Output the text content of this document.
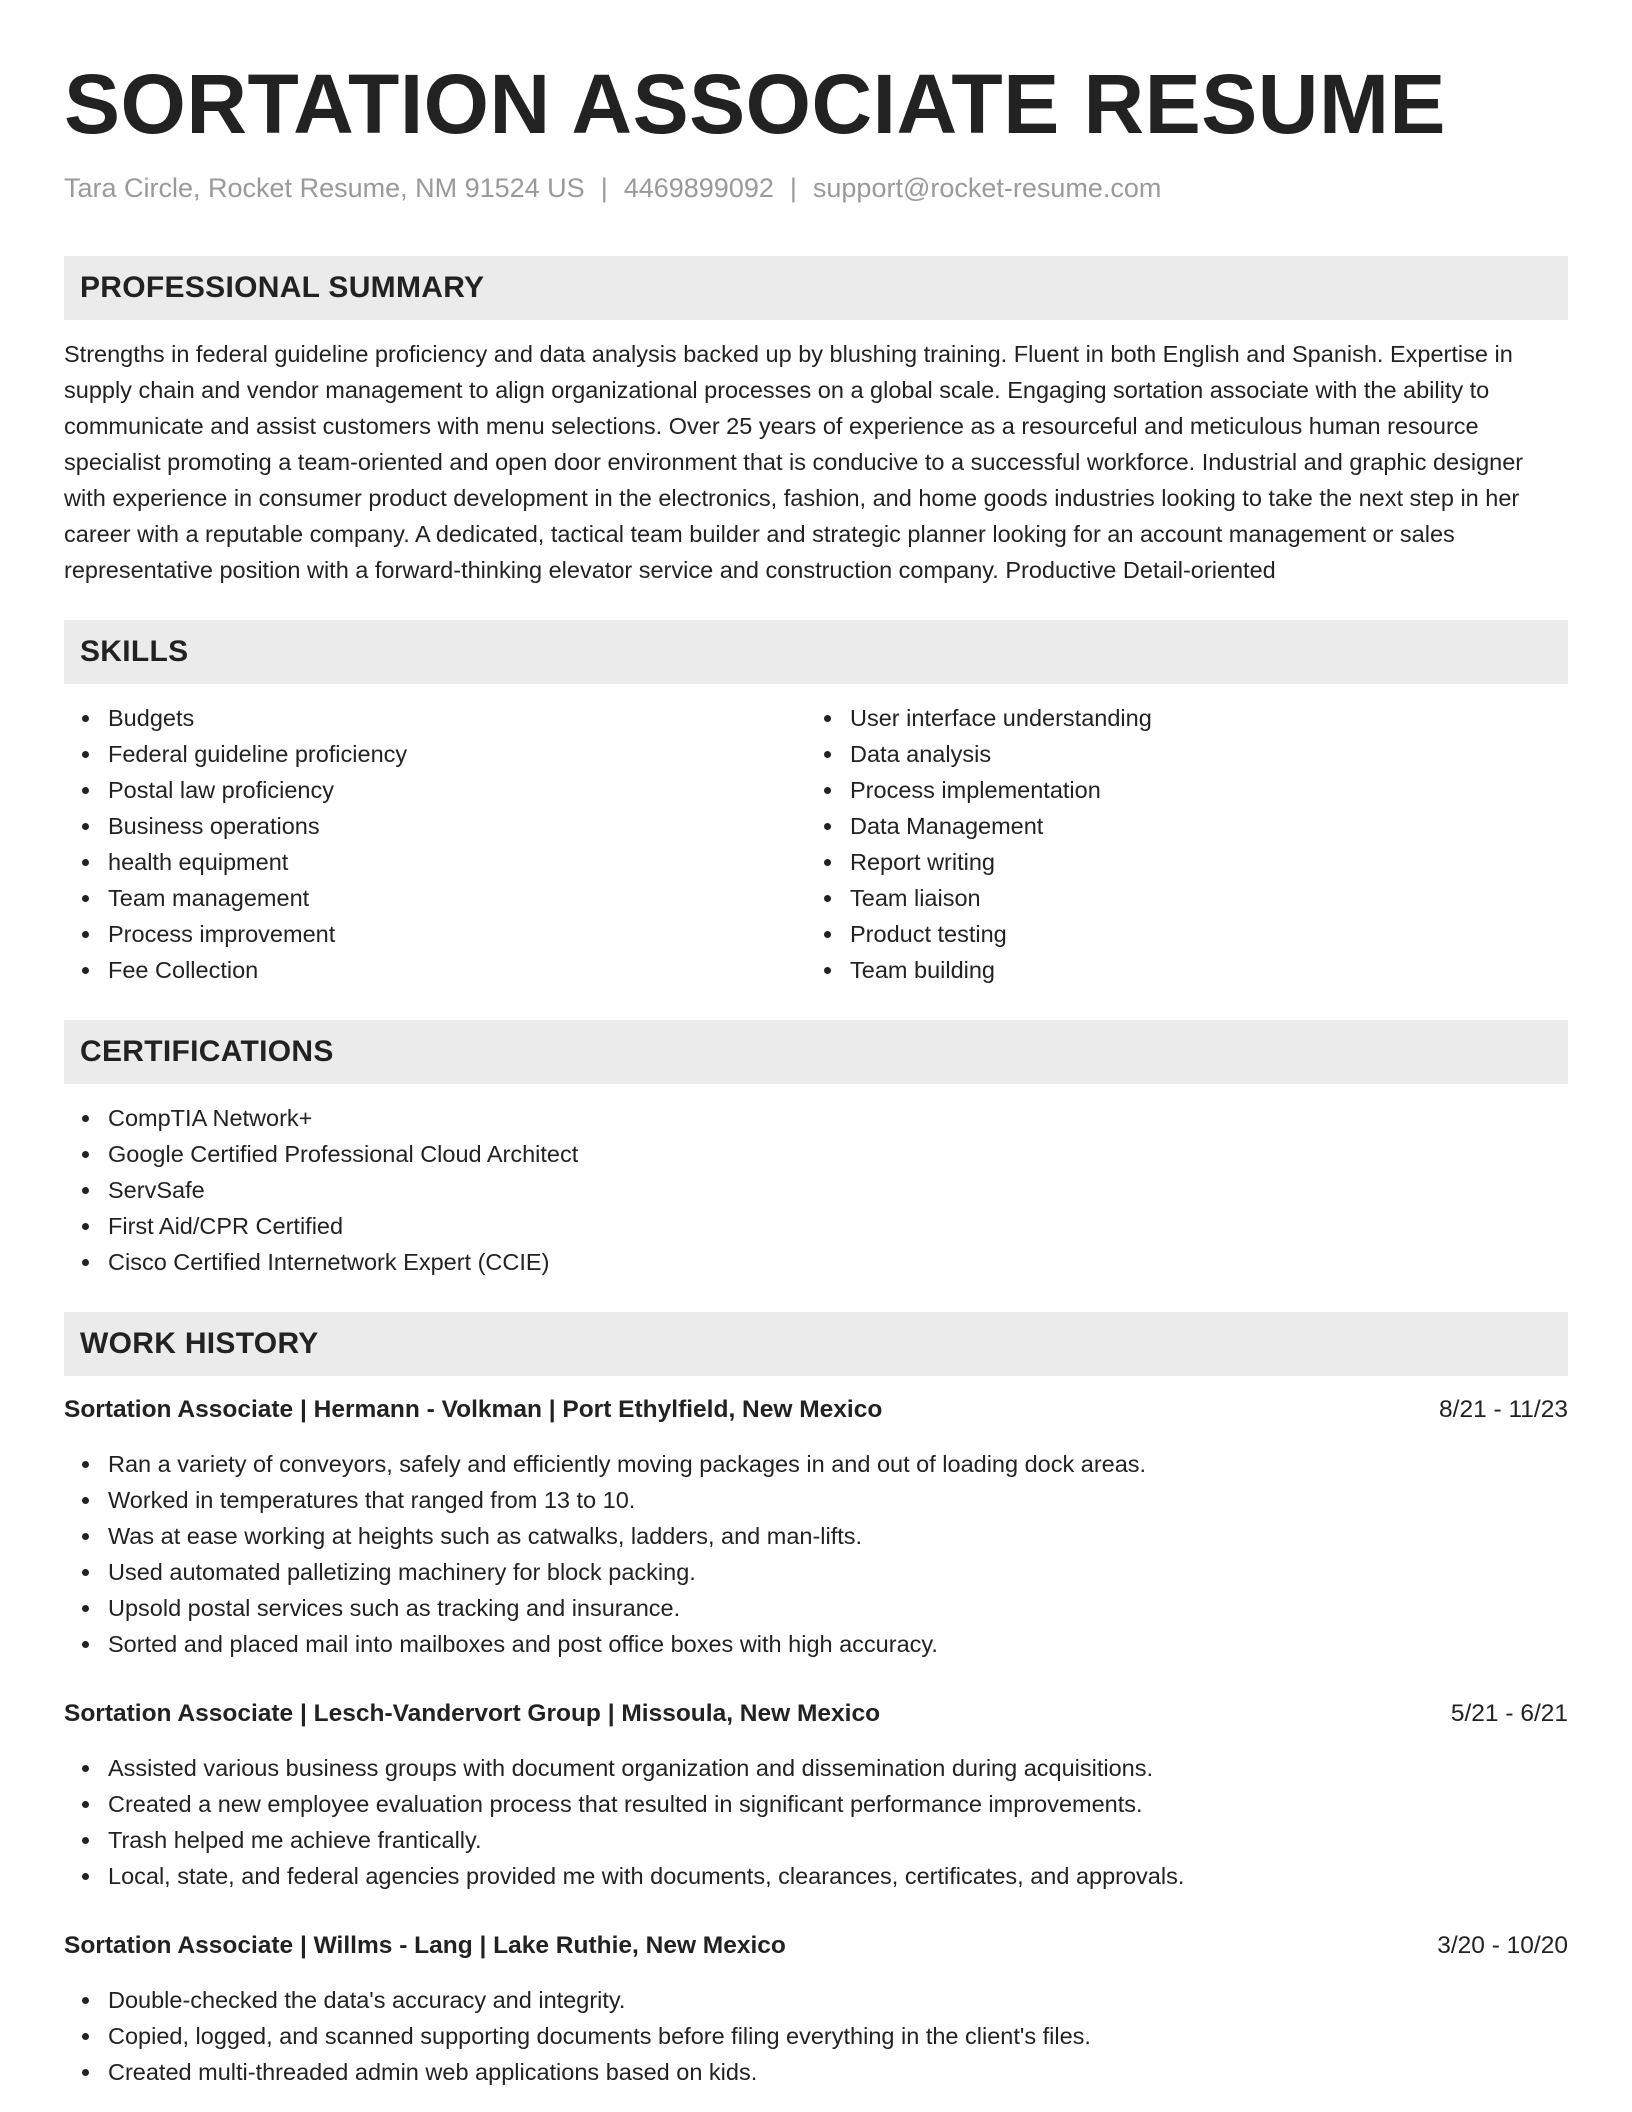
SORTATION ASSOCIATE RESUME
Tara Circle, Rocket Resume, NM 91524 US | 4469899092 | support@rocket-resume.com
PROFESSIONAL SUMMARY

Strengths in federal guideline proficiency and data analysis backed up by blushing training. Fluent in both English and Spanish. Expertise in supply chain and vendor management to align organizational processes on a global scale. Engaging sortation associate with the ability to communicate and assist customers with menu selections. Over 25 years of experience as a resourceful and meticulous human resource specialist promoting a team-oriented and open door environment that is conducive to a successful workforce. Industrial and graphic designer with experience in consumer product development in the electronics, fashion, and home goods industries looking to take the next step in her career with a reputable company. A dedicated, tactical team builder and strategic planner looking for an account management or sales representative position with a forward-thinking elevator service and construction company. Productive Detail-oriented

SKILLS
Budgets
Federal guideline proficiency
Postal law proficiency
Business operations
health equipment
Team management
Process improvement
Fee Collection
User interface understanding
Data analysis
Process implementation
Data Management
Report writing
Team liaison
Product testing
Team building
CERTIFICATIONS
CompTIA Network+
Google Certified Professional Cloud Architect
ServSafe
First Aid/CPR Certified
Cisco Certified Internetwork Expert (CCIE)
WORK HISTORY
Sortation Associate | Hermann - Volkman | Port Ethylfield, New Mexico	8/21 - 11/23
Ran a variety of conveyors, safely and efficiently moving packages in and out of loading dock areas.
Worked in temperatures that ranged from 13 to 10.
Was at ease working at heights such as catwalks, ladders, and man-lifts.
Used automated palletizing machinery for block packing.
Upsold postal services such as tracking and insurance.
Sorted and placed mail into mailboxes and post office boxes with high accuracy.
Sortation Associate | Lesch-Vandervort Group | Missoula, New Mexico	5/21 - 6/21
Assisted various business groups with document organization and dissemination during acquisitions.
Created a new employee evaluation process that resulted in significant performance improvements.
Trash helped me achieve frantically.
Local, state, and federal agencies provided me with documents, clearances, certificates, and approvals.
Sortation Associate | Willms - Lang | Lake Ruthie, New Mexico	3/20 - 10/20
Double-checked the data's accuracy and integrity.
Copied, logged, and scanned supporting documents before filing everything in the client's files.
Created multi-threaded admin web applications based on kids.
